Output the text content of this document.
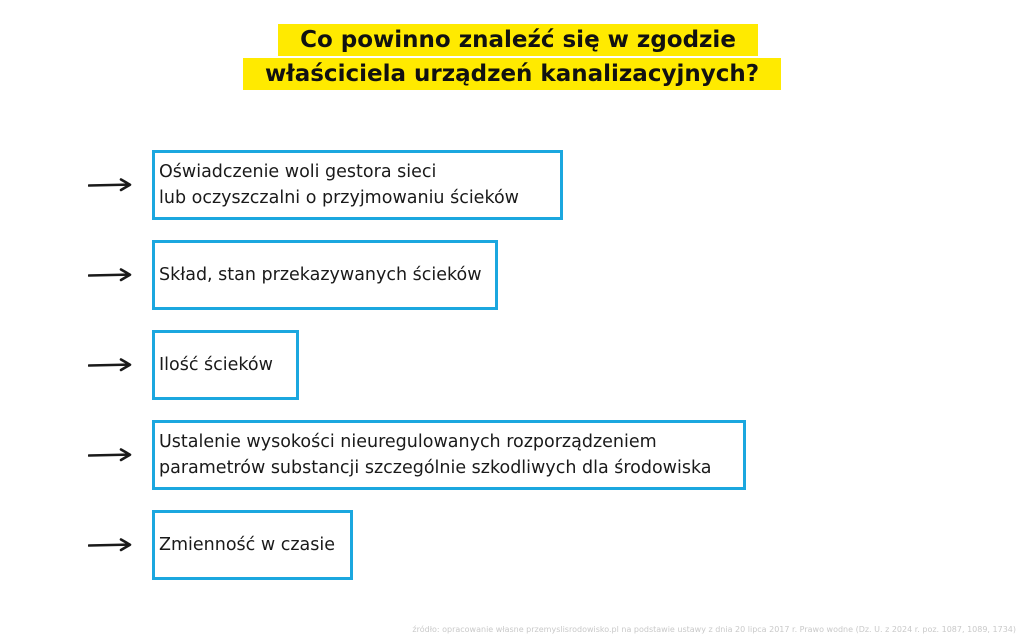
Co powinno znaleźć się w zgodzie
właściciela urządzeń kanalizacyjnych?
Oświadczenie woli gestora sieci
lub oczyszczalni o przyjmowaniu ścieków
Skład, stan przekazywanych ścieków
Ilość ścieków
Ustalenie wysokości nieuregulowanych rozporządzeniem
parametrów substancji szczególnie szkodliwych dla środowiska
Zmienność w czasie
źródło: opracowanie własne przemyslisrodowisko.pl na podstawie ustawy z dnia 20 lipca 2017 r. Prawo wodne (Dz. U. z 2024 r. poz. 1087, 1089, 1734)
